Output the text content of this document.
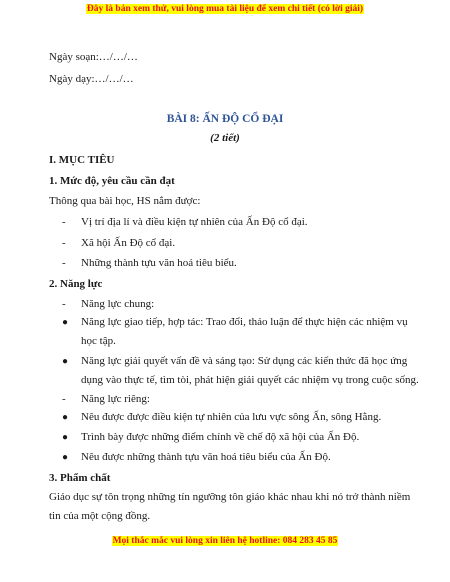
Đây là bản xem thử, vui lòng mua tài liệu để xem chi tiết (có lời giải)
Ngày soạn:…/…/…
Ngày dạy:…/…/…
BÀI 8: ẤN ĐỘ CỔ ĐẠI
(2 tiết)
I. MỤC TIÊU
1. Mức độ, yêu cầu cần đạt
Thông qua bài học, HS nắm được:
- Vị trí địa lí và điều kiện tự nhiên của Ấn Độ cổ đại.
- Xã hội Ấn Độ cổ đại.
- Những thành tựu văn hoá tiêu biểu.
2. Năng lực
- Năng lực chung:
● Năng lực giao tiếp, hợp tác: Trao đổi, thảo luận để thực hiện các nhiệm vụ học tập.
● Năng lực giải quyết vấn đề và sáng tạo: Sử dụng các kiến thức đã học ứng dụng vào thực tế, tìm tòi, phát hiện giải quyết các nhiệm vụ trong cuộc sống.
- Năng lực riêng:
● Nêu được được điều kiện tự nhiên của lưu vực sông Ấn, sông Hằng.
● Trình bày được những điểm chính về chế độ xã hội của Ấn Độ.
● Nêu được những thành tựu văn hoá tiêu biểu của Ấn Độ.
3. Phẩm chất
Giáo dục sự tôn trọng những tín ngưỡng tôn giáo khác nhau khi nó trở thành niềm tin của một cộng đồng.
Mọi thắc mắc vui lòng xin liên hệ hotline: 084 283 45 85
